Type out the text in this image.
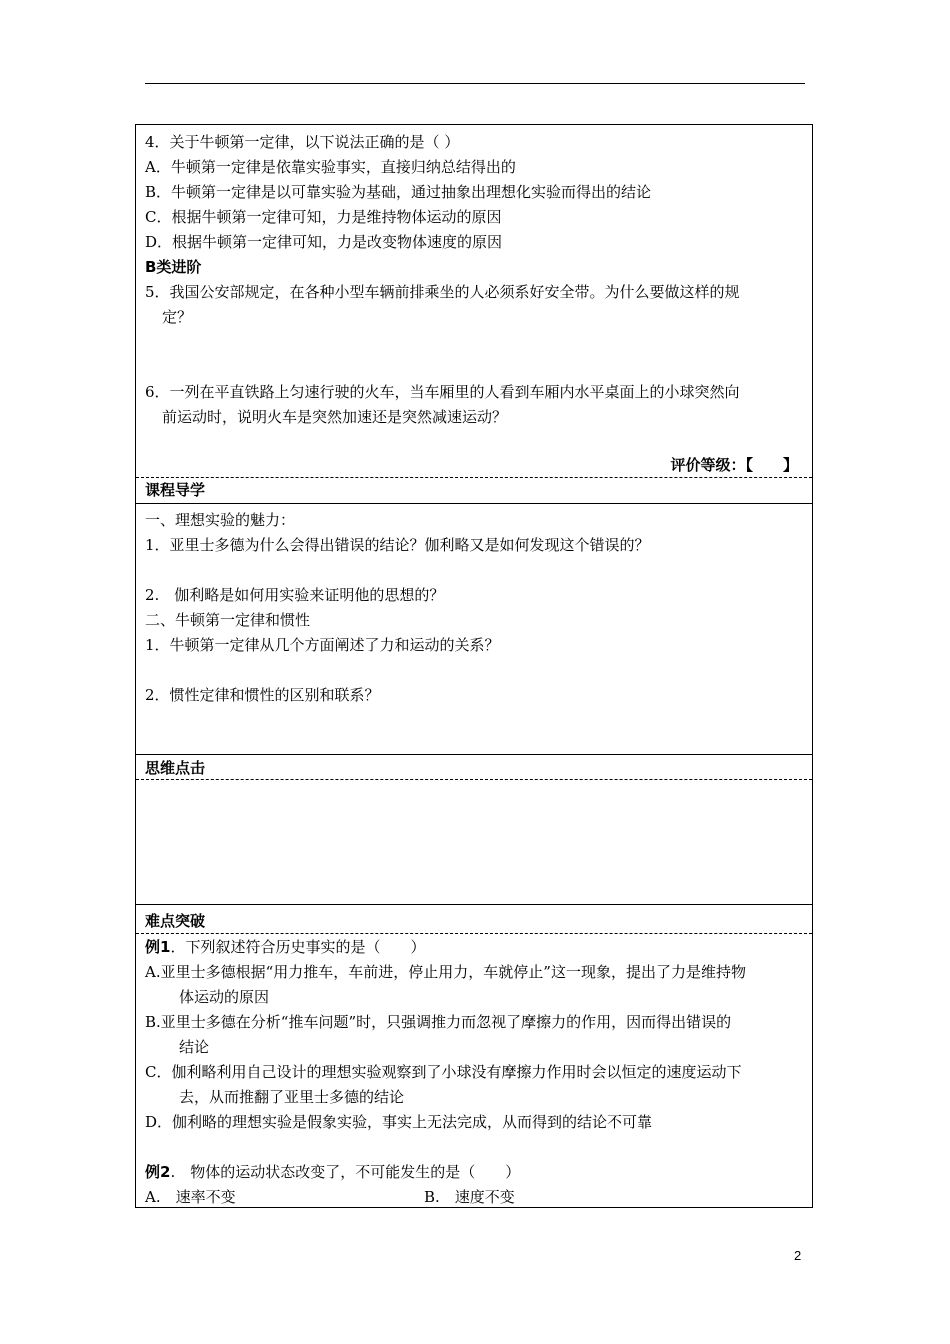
4．关于牛顿第一定律，以下说法正确的是（ ）
A．牛顿第一定律是依靠实验事实，直接归纳总结得出的
B．牛顿第一定律是以可靠实验为基础，通过抽象出理想化实验而得出的结论
C．根据牛顿第一定律可知，力是维持物体运动的原因
D．根据牛顿第一定律可知，力是改变物体速度的原因
B类进阶
5．我国公安部规定，在各种小型车辆前排乘坐的人必须系好安全带。为什么要做这样的规
定？
6．一列在平直铁路上匀速行驶的火车，当车厢里的人看到车厢内水平桌面上的小球突然向
前运动时，说明火车是突然加速还是突然减速运动？
评价等级：【　　】
课程导学
一、理想实验的魅力：
1．亚里士多德为什么会得出错误的结论？伽利略又是如何发现这个错误的？
2.　伽利略是如何用实验来证明他的思想的？
二、牛顿第一定律和惯性
1．牛顿第一定律从几个方面阐述了力和运动的关系？
2．惯性定律和惯性的区别和联系？
思维点击
难点突破
例1．下列叙述符合历史事实的是（　　）
A.亚里士多德根据“用力推车，车前进，停止用力，车就停止”这一现象，提出了力是维持物
体运动的原因
B.亚里士多德在分析“推车问题”时，只强调推力而忽视了摩擦力的作用，因而得出错误的
结论
C．伽利略利用自己设计的理想实验观察到了小球没有摩擦力作用时会以恒定的速度运动下
去，从而推翻了亚里士多德的结论
D．伽利略的理想实验是假象实验，事实上无法完成，从而得到的结论不可靠
例2.　物体的运动状态改变了，不可能发生的是（　　）
A.　速率不变	B.　速度不变
2
